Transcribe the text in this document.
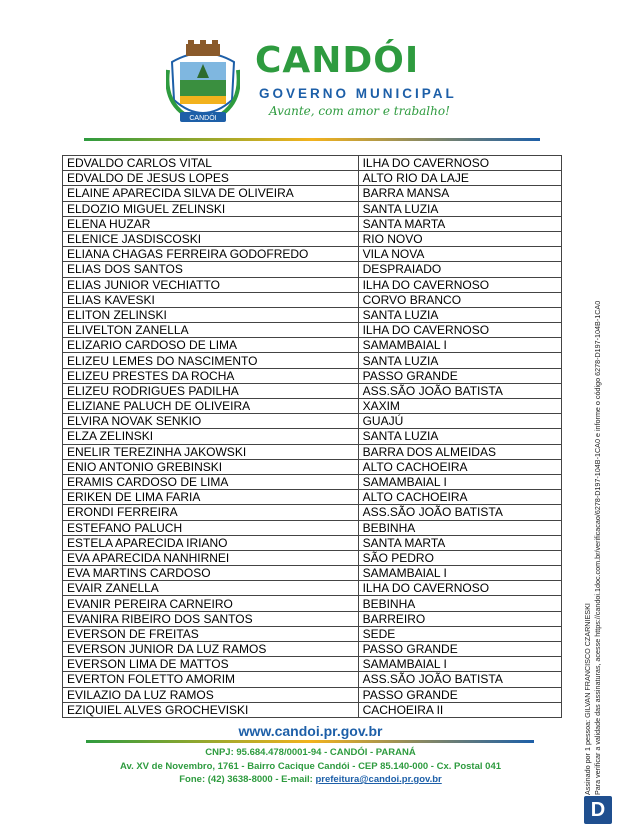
CANDÓI
CANDÓI
GOVERNO MUNICIPAL
Avante, com amor e trabalho!
EDVALDO CARLOS VITAL	ILHA DO CAVERNOSO
EDVALDO DE JESUS LOPES	ALTO RIO DA LAJE
ELAINE APARECIDA SILVA DE OLIVEIRA	BARRA MANSA
ELDOZIO MIGUEL ZELINSKI	SANTA LUZIA
ELENA HUZAR	SANTA MARTA
ELENICE JASDISCOSKI	RIO NOVO
ELIANA CHAGAS FERREIRA GODOFREDO	VILA NOVA
ELIAS DOS SANTOS	DESPRAIADO
ELIAS JUNIOR VECHIATTO	ILHA DO CAVERNOSO
ELIAS KAVESKI	CORVO BRANCO
ELITON ZELINSKI	SANTA LUZIA
ELIVELTON ZANELLA	ILHA DO CAVERNOSO
ELIZARIO CARDOSO DE LIMA	SAMAMBAIAL I
ELIZEU LEMES DO NASCIMENTO	SANTA LUZIA
ELIZEU PRESTES DA ROCHA	PASSO GRANDE
ELIZEU RODRIGUES PADILHA	ASS.SÃO JOÃO BATISTA
ELIZIANE PALUCH DE OLIVEIRA	XAXIM
ELVIRA NOVAK SENKIO	GUAJÚ
ELZA ZELINSKI	SANTA LUZIA
ENELIR TEREZINHA JAKOWSKI	BARRA DOS ALMEIDAS
ENIO ANTONIO GREBINSKI	ALTO CACHOEIRA
ERAMIS CARDOSO DE LIMA	SAMAMBAIAL I
ERIKEN DE LIMA FARIA	ALTO CACHOEIRA
ERONDI FERREIRA	ASS.SÃO JOÃO BATISTA
ESTEFANO PALUCH	BEBINHA
ESTELA APARECIDA IRIANO	SANTA MARTA
EVA APARECIDA NANHIRNEI	SÃO PEDRO
EVA MARTINS CARDOSO	SAMAMBAIAL I
EVAIR ZANELLA	ILHA DO CAVERNOSO
EVANIR PEREIRA CARNEIRO	BEBINHA
EVANIRA RIBEIRO DOS SANTOS	BARREIRO
EVERSON DE FREITAS	SEDE
EVERSON JUNIOR DA LUZ RAMOS	PASSO GRANDE
EVERSON LIMA DE MATTOS	SAMAMBAIAL I
EVERTON FOLETTO AMORIM	ASS.SÃO JOÃO BATISTA
EVILAZIO DA LUZ RAMOS	PASSO GRANDE
EZIQUIEL ALVES GROCHEVISKI	CACHOEIRA II
www.candoi.pr.gov.br
CNPJ: 95.684.478/0001-94 - CANDÓI - PARANÁ
Av. XV de Novembro, 1761 - Bairro Cacique Candói - CEP 85.140-000 - Cx. Postal 041
Fone: (42) 3638-8000 - E-mail: prefeitura@candoi.pr.gov.br	Assinado por 1 pessoa: GILVAN FRANCISCO CZARNIESKI Para verificar a validade das assinaturas, acesse https://candoi.1doc.com.br/verificacao/6278-D197-104B-1CA0 e informe o código 6278-D197-104B-1CA0
D
